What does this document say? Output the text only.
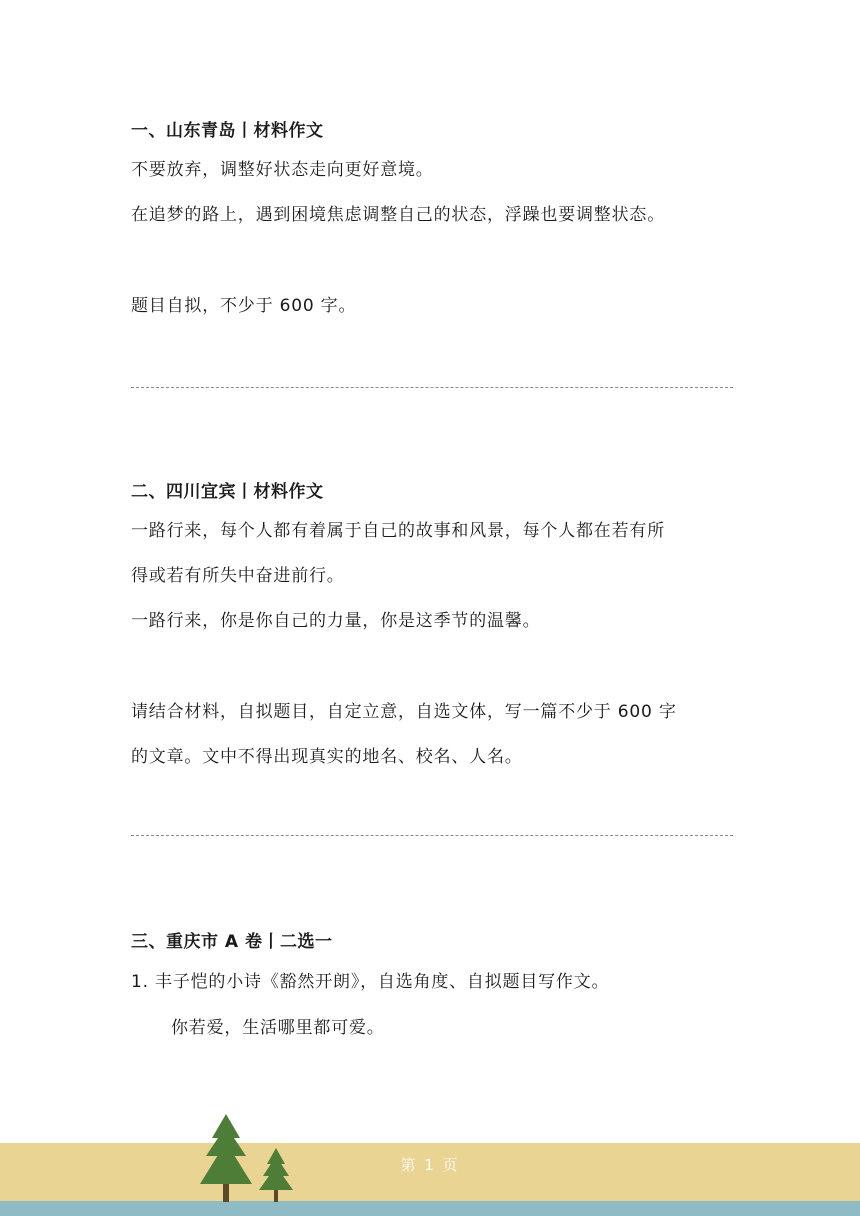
一、山东青岛丨材料作文
不要放弃，调整好状态走向更好意境。
在追梦的路上，遇到困境焦虑调整自己的状态，浮躁也要调整状态。
题目自拟，不少于 600 字。
二、四川宜宾丨材料作文
一路行来，每个人都有着属于自己的故事和风景，每个人都在若有所
得或若有所失中奋进前行。
一路行来，你是你自己的力量，你是这季节的温馨。
请结合材料，自拟题目，自定立意，自选文体，写一篇不少于 600 字
的文章。文中不得出现真实的地名、校名、人名。
三、重庆市 A 卷丨二选一
1. 丰子恺的小诗《豁然开朗》，自选角度、自拟题目写作文。
你若爱，生活哪里都可爱。
第 1 页
